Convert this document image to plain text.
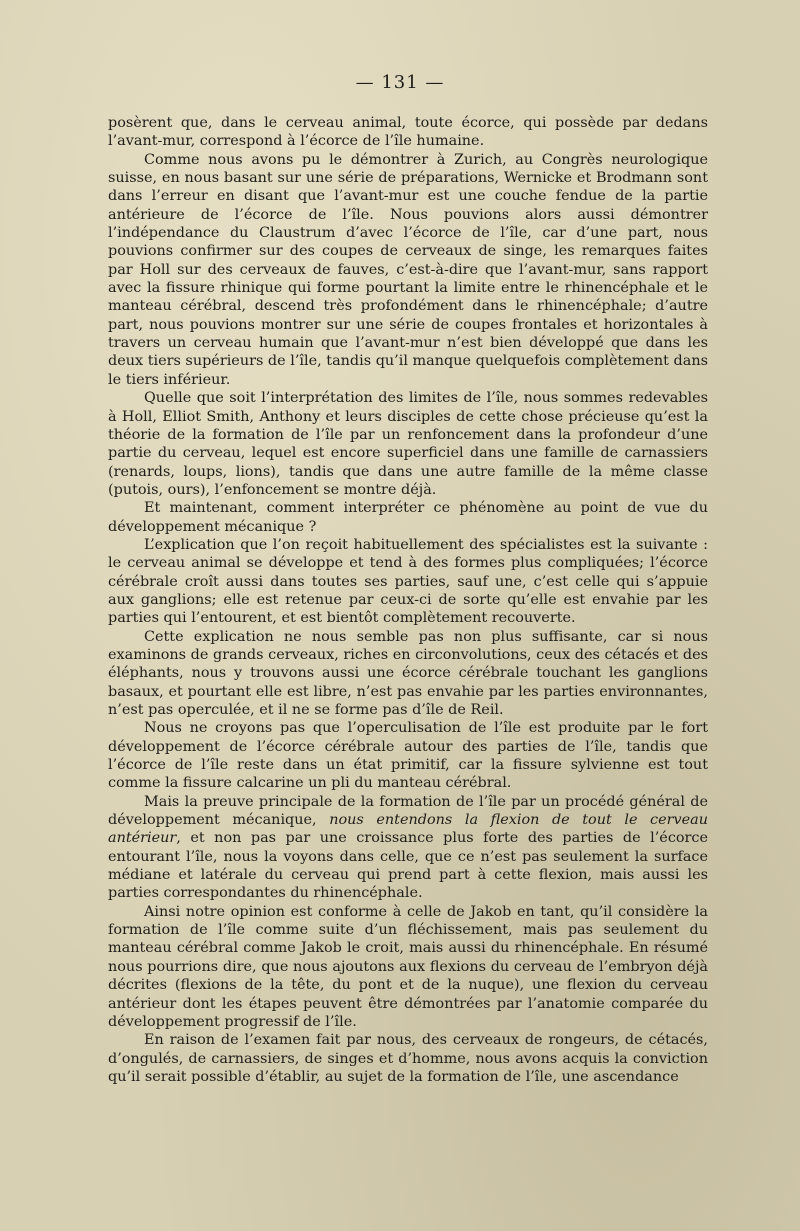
— 131 —

posèrent que, dans le cerveau animal, toute écorce, qui possède par dedans l’avant-mur, correspond à l’écorce de l’île humaine.

Comme nous avons pu le démontrer à Zurich, au Congrès neurologique suisse, en nous basant sur une série de préparations, Wernicke et Brodmann sont dans l’erreur en disant que l’avant-mur est une couche fendue de la partie antérieure de l’écorce de l’île. Nous pouvions alors aussi démontrer l’indépendance du Claustrum d’avec l’écorce de l’île, car d’une part, nous pouvions confirmer sur des coupes de cerveaux de singe, les remarques faites par Holl sur des cerveaux de fauves, c’est-à-dire que l’avant-mur, sans rapport avec la fissure rhinique qui forme pourtant la limite entre le rhinencéphale et le manteau cérébral, descend très profondément dans le rhinencéphale; d’autre part, nous pouvions montrer sur une série de coupes frontales et horizontales à travers un cerveau humain que l’avant-mur n’est bien développé que dans les deux tiers supérieurs de l’île, tandis qu’il manque quelquefois complètement dans le tiers inférieur.

Quelle que soit l’interprétation des limites de l’île, nous sommes redevables à Holl, Elliot Smith, Anthony et leurs disciples de cette chose précieuse qu’est la théorie de la formation de l’île par un renfoncement dans la profondeur d’une partie du cerveau, lequel est encore superficiel dans une famille de carnassiers (renards, loups, lions), tandis que dans une autre famille de la même classe (putois, ours), l’enfoncement se montre déjà.

Et maintenant, comment interpréter ce phénomène au point de vue du développement mécanique ?

L’explication que l’on reçoit habituellement des spécialistes est la suivante : le cerveau animal se développe et tend à des formes plus compliquées; l’écorce cérébrale croît aussi dans toutes ses parties, sauf une, c’est celle qui s’appuie aux ganglions; elle est retenue par ceux-ci de sorte qu’elle est envahie par les parties qui l’entourent, et est bientôt complètement recouverte.

Cette explication ne nous semble pas non plus suffisante, car si nous examinons de grands cerveaux, riches en circonvolutions, ceux des cétacés et des éléphants, nous y trouvons aussi une écorce cérébrale touchant les ganglions basaux, et pourtant elle est libre, n’est pas envahie par les parties environnantes, n’est pas operculée, et il ne se forme pas d’île de Reil.

Nous ne croyons pas que l’operculisation de l’île est produite par le fort développement de l’écorce cérébrale autour des parties de l’île, tandis que l’écorce de l’île reste dans un état primitif, car la fissure sylvienne est tout comme la fissure calcarine un pli du manteau cérébral.

Mais la preuve principale de la formation de l’île par un procédé général de développement mécanique, nous entendons la flexion de tout le cerveau antérieur, et non pas par une croissance plus forte des parties de l’écorce entourant l’île, nous la voyons dans celle, que ce n’est pas seulement la surface médiane et latérale du cerveau qui prend part à cette flexion, mais aussi les parties correspondantes du rhinencéphale.

Ainsi notre opinion est conforme à celle de Jakob en tant, qu’il considère la formation de l’île comme suite d’un fléchissement, mais pas seulement du manteau cérébral comme Jakob le croit, mais aussi du rhinencéphale. En résumé nous pourrions dire, que nous ajoutons aux flexions du cerveau de l’embryon déjà décrites (flexions de la tête, du pont et de la nuque), une flexion du cerveau antérieur dont les étapes peuvent être démontrées par l’anatomie comparée du développement progressif de l’île.

En raison de l’examen fait par nous, des cerveaux de rongeurs, de cétacés, d’ongulés, de carnassiers, de singes et d’homme, nous avons acquis la conviction qu’il serait possible d’établir, au sujet de la formation de l’île, une ascendance
